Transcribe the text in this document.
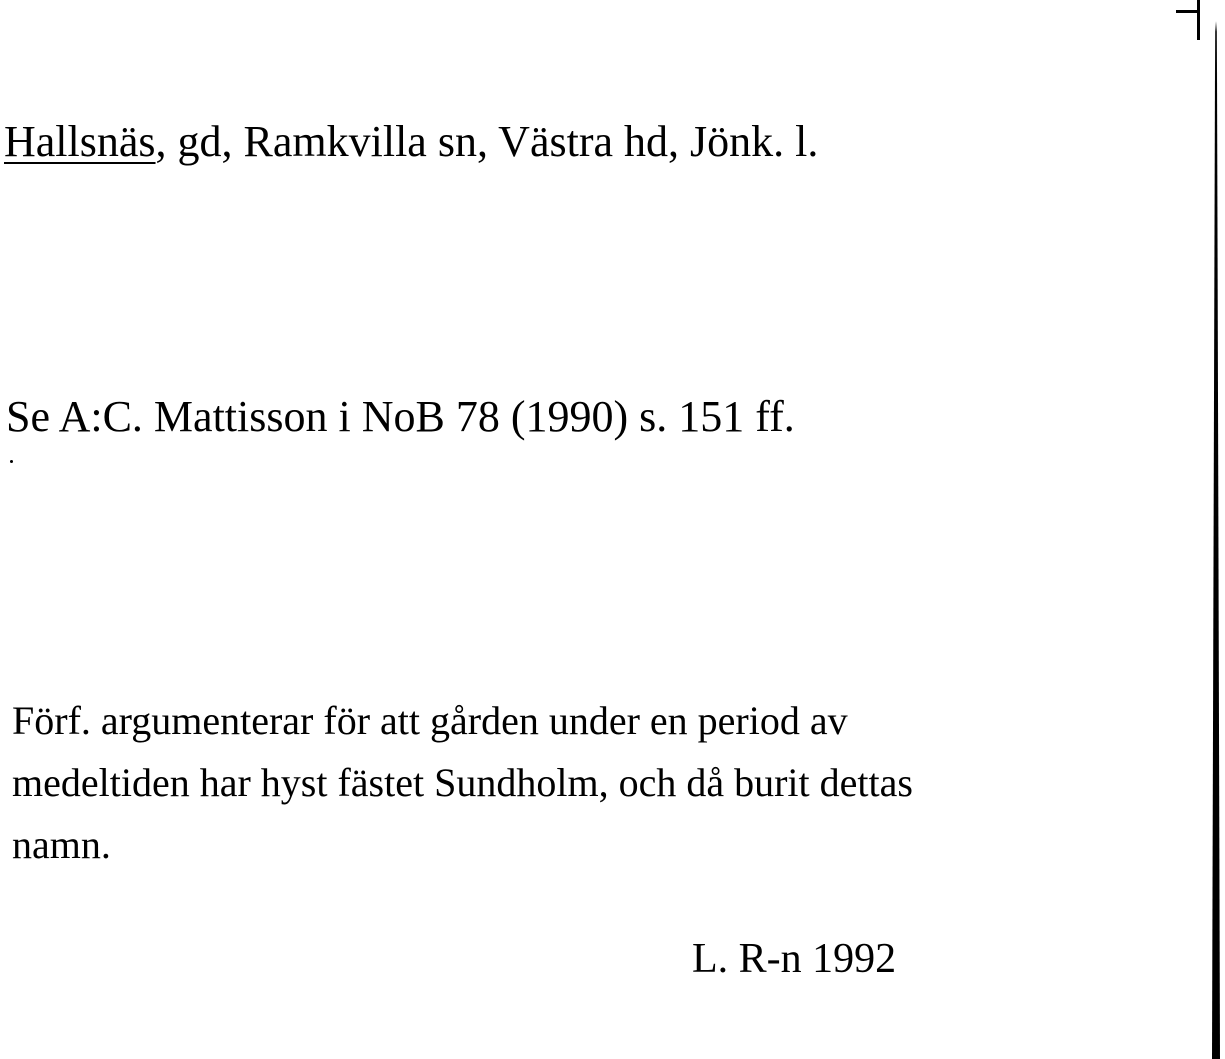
Hallsnäs, gd, Ramkvilla sn, Västra hd, Jönk. l.
Se A:C. Mattisson i NoB 78 (1990) s. 151 ff.

Förf. argumenterar för att gården under en period av
medeltiden har hyst fästet Sundholm, och då burit dettas
namn.

L. R-n 1992
